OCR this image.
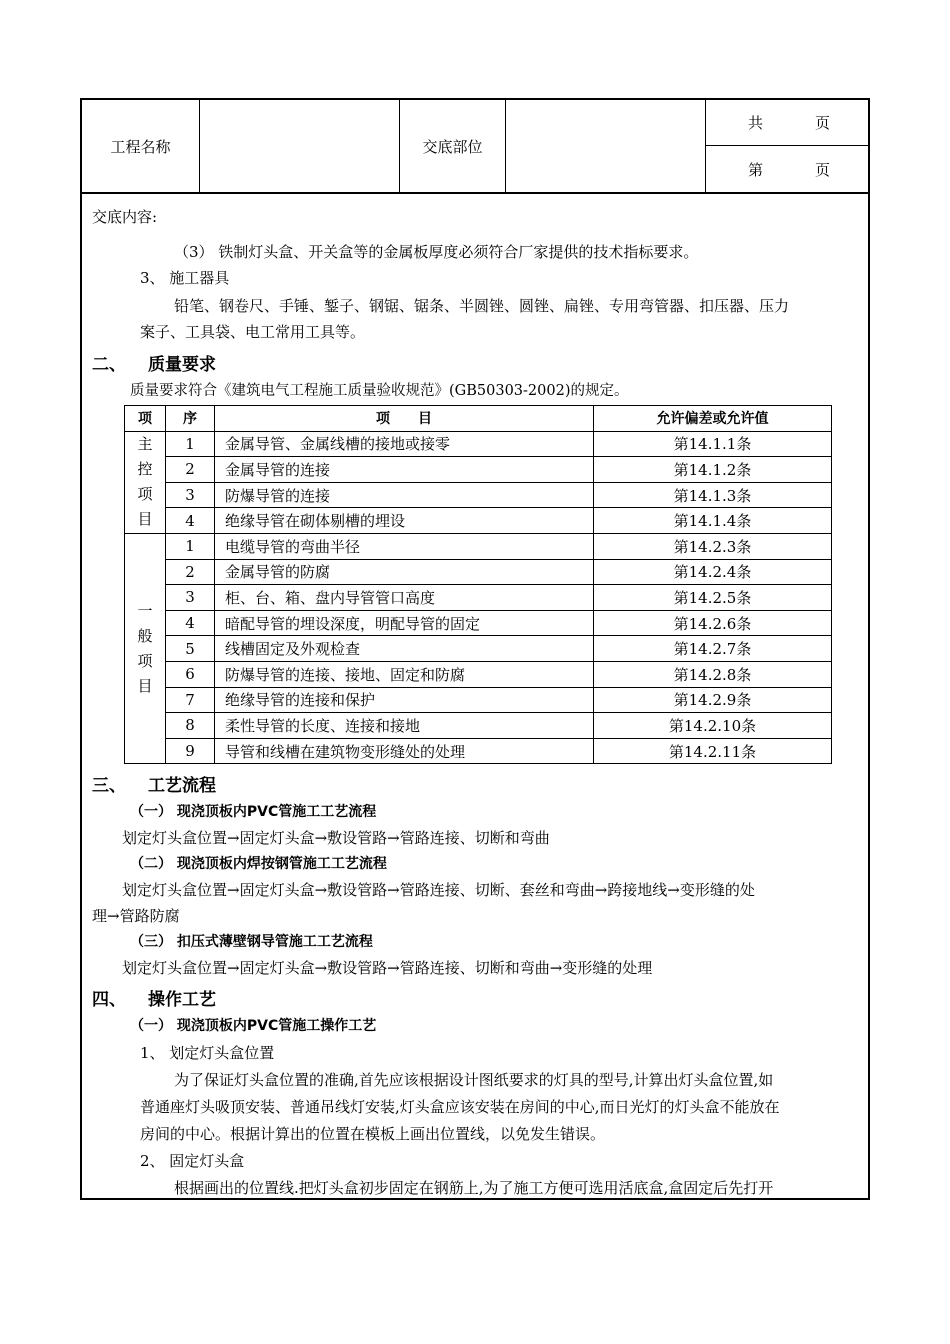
工程名称	交底部位
共	页
第	页
交底内容:
（3） 铁制灯头盒、开关盒等的金属板厚度必须符合厂家提供的技术指标要求。
3、 施工器具
铅笔、钢卷尺、手锤、錾子、钢锯、锯条、半圆锉、圆锉、扁锉、专用弯管器、扣压器、压力
案子、工具袋、电工常用工具等。
二、 质量要求
质量要求符合《建筑电气工程施工质量验收规范》(GB50303-2002)的规定。
项	序	项　　目	允许偏差或允许值
主
控
项
目	1	金属导管、金属线槽的接地或接零	第14.1.1条
	2	金属导管的连接	第14.1.2条
	3	防爆导管的连接	第14.1.3条
	4	绝缘导管在砌体剔槽的埋设	第14.1.4条
一
般
项
目	1	电缆导管的弯曲半径	第14.2.3条
	2	金属导管的防腐	第14.2.4条
	3	柜、台、箱、盘内导管管口高度	第14.2.5条
	4	暗配导管的埋设深度，明配导管的固定	第14.2.6条
	5	线槽固定及外观检查	第14.2.7条
	6	防爆导管的连接、接地、固定和防腐	第14.2.8条
	7	绝缘导管的连接和保护	第14.2.9条
	8	柔性导管的长度、连接和接地	第14.2.10条
	9	导管和线槽在建筑物变形缝处的处理	第14.2.11条
三、 工艺流程
（一） 现浇顶板内PVC管施工工艺流程
划定灯头盒位置→固定灯头盒→敷设管路→管路连接、切断和弯曲
（二） 现浇顶板内焊按钢管施工工艺流程
划定灯头盒位置→固定灯头盒→敷设管路→管路连接、切断、套丝和弯曲→跨接地线→变形缝的处
理→管路防腐
（三） 扣压式薄壁钢导管施工工艺流程
划定灯头盒位置→固定灯头盒→敷设管路→管路连接、切断和弯曲→变形缝的处理
四、 操作工艺
（一） 现浇顶板内PVC管施工操作工艺
1、 划定灯头盒位置
为了保证灯头盒位置的准确,首先应该根据设计图纸要求的灯具的型号,计算出灯头盒位置,如
普通座灯头吸顶安装、普通吊线灯安装,灯头盒应该安装在房间的中心,而日光灯的灯头盒不能放在
房间的中心。根据计算出的位置在模板上画出位置线，以免发生错误。
2、 固定灯头盒
根据画出的位置线.把灯头盒初步固定在钢筋上,为了施工方便可选用活底盒,盒固定后先打开
